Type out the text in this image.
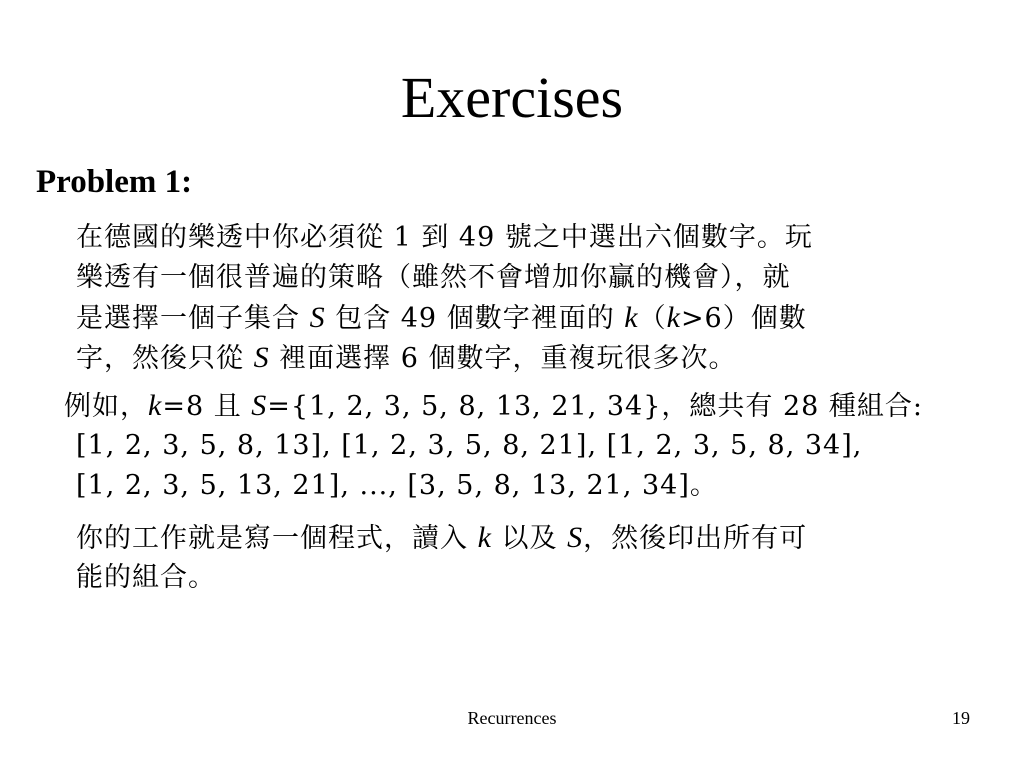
Exercises
Problem 1:
在德國的樂透中你必須從 1 到 49 號之中選出六個數字。玩
樂透有一個很普遍的策略（雖然不會增加你贏的機會），就
是選擇一個子集合 S 包含 49 個數字裡面的 k（k>6）個數
字，然後只從 S 裡面選擇 6 個數字，重複玩很多次。
例如，k=8 且 S={1, 2, 3, 5, 8, 13, 21, 34}，總共有 28 種組合:
[1, 2, 3, 5, 8, 13], [1, 2, 3, 5, 8, 21], [1, 2, 3, 5, 8, 34],
[1, 2, 3, 5, 13, 21], ..., [3, 5, 8, 13, 21, 34]。
你的工作就是寫一個程式，讀入 k 以及 S，然後印出所有可
能的組合。
Recurrences	19
